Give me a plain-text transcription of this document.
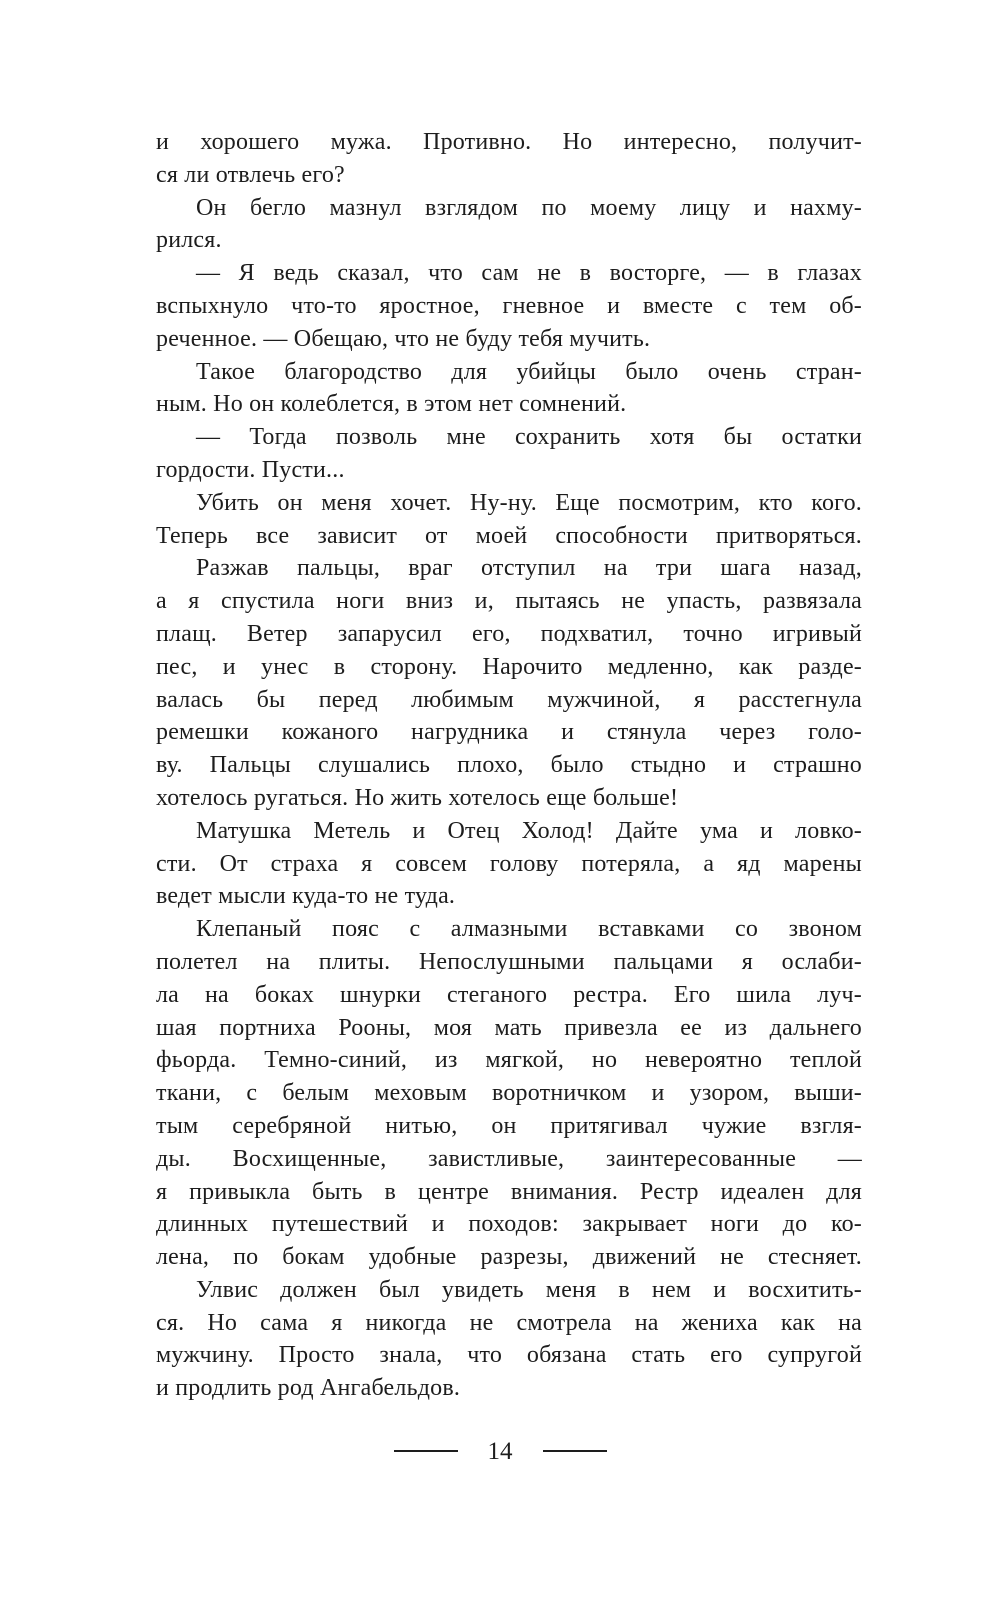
и хорошего мужа. Противно. Но интересно, получит-
ся ли отвлечь его?
Он бегло мазнул взглядом по моему лицу и нахму-
рился.
— Я ведь сказал, что сам не в восторге, — в глазах
вспыхнуло что-то яростное, гневное и вместе с тем об-
реченное. — Обещаю, что не буду тебя мучить.
Такое благородство для убийцы было очень стран-
ным. Но он колеблется, в этом нет сомнений.
— Тогда позволь мне сохранить хотя бы остатки
гордости. Пусти...
Убить он меня хочет. Ну-ну. Еще посмотрим, кто кого.
Теперь все зависит от моей способности притворяться.
Разжав пальцы, враг отступил на три шага назад,
а я спустила ноги вниз и, пытаясь не упасть, развязала
плащ. Ветер запарусил его, подхватил, точно игривый
пес, и унес в сторону. Нарочито медленно, как разде-
валась бы перед любимым мужчиной, я расстегнула
ремешки кожаного нагрудника и стянула через голо-
ву. Пальцы слушались плохо, было стыдно и страшно
хотелось ругаться. Но жить хотелось еще больше!
Матушка Метель и Отец Холод! Дайте ума и ловко-
сти. От страха я совсем голову потеряла, а яд марены
ведет мысли куда-то не туда.
Клепаный пояс с алмазными вставками со звоном
полетел на плиты. Непослушными пальцами я ослаби-
ла на боках шнурки стеганого рестра. Его шила луч-
шая портниха Рооны, моя мать привезла ее из дальнего
фьорда. Темно-синий, из мягкой, но невероятно теплой
ткани, с белым меховым воротничком и узором, выши-
тым серебряной нитью, он притягивал чужие взгля-
ды. Восхищенные, завистливые, заинтересованные —
я привыкла быть в центре внимания. Рестр идеален для
длинных путешествий и походов: закрывает ноги до ко-
лена, по бокам удобные разрезы, движений не стесняет.
Улвис должен был увидеть меня в нем и восхитить-
ся. Но сама я никогда не смотрела на жениха как на
мужчину. Просто знала, что обязана стать его супругой
и продлить род Ангабельдов.
14
